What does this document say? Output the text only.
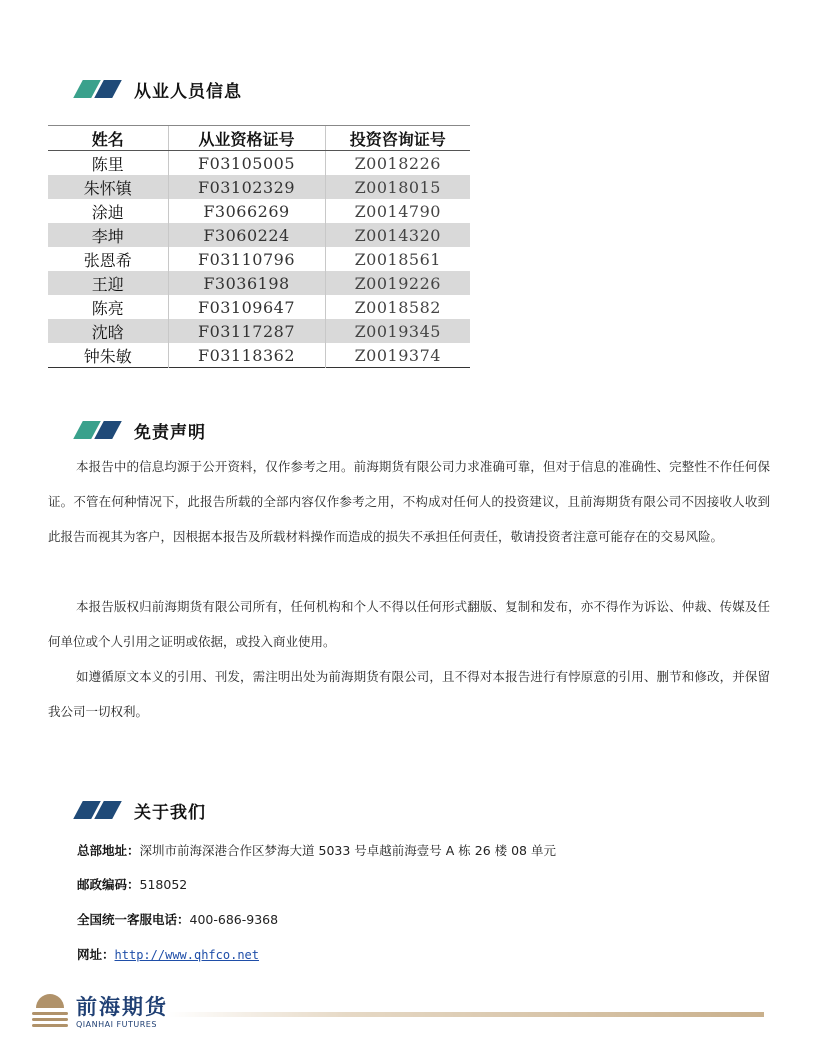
从业人员信息
姓名	从业资格证号	投资咨询证号
陈里	F03105005	Z0018226
朱怀镇	F03102329	Z0018015
涂迪	F3066269	Z0014790
李坤	F3060224	Z0014320
张恩希	F03110796	Z0018561
王迎	F3036198	Z0019226
陈亮	F03109647	Z0018582
沈晗	F03117287	Z0019345
钟朱敏	F03118362	Z0019374
免责声明

本报告中的信息均源于公开资料，仅作参考之用。前海期货有限公司力求准确可靠，但对于信息的准确性、完整性不作任何保证。不管在何种情况下，此报告所载的全部内容仅作参考之用，不构成对任何人的投资建议，且前海期货有限公司不因接收人收到此报告而视其为客户，因根据本报告及所载材料操作而造成的损失不承担任何责任，敬请投资者注意可能存在的交易风险。

本报告版权归前海期货有限公司所有，任何机构和个人不得以任何形式翻版、复制和发布，亦不得作为诉讼、仲裁、传媒及任何单位或个人引用之证明或依据，或投入商业使用。

如遵循原文本义的引用、刊发，需注明出处为前海期货有限公司，且不得对本报告进行有悖原意的引用、删节和修改，并保留我公司一切权利。

关于我们
总部地址：深圳市前海深港合作区梦海大道 5033 号卓越前海壹号 A 栋 26 楼 08 单元
邮政编码：518052
全国统一客服电话：400-686-9368
网址：http://www.qhfco.net
前海期货
QIANHAI FUTURES
